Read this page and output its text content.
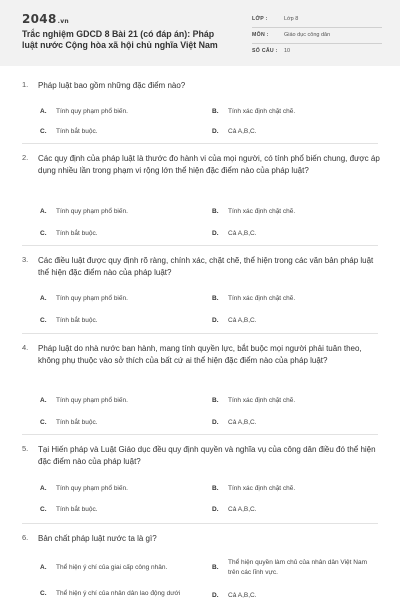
2048.vn
Trắc nghiệm GDCD 8 Bài 21 (có đáp án): Pháp luật nước Cộng hòa xã hội chủ nghĩa Việt Nam
LỚP :	Lớp 8
MÔN :	Giáo dục công dân
SỐ CÂU : 10
1. Pháp luật bao gồm những đặc điểm nào?
A. Tính quy phạm phổ biến.	B. Tính xác định chặt chẽ.
C. Tính bắt buộc.	D. Cả A,B,C.
2. Các quy định của pháp luật là thước đo hành vi của mọi người, có tính phổ biến chung, được áp dụng nhiều lần trong phạm vi rộng lớn thể hiện đặc điểm nào của pháp luật?
A. Tính quy phạm phổ biến.	B. Tính xác định chặt chẽ.
C. Tính bắt buộc.	D. Cả A,B,C.
3. Các điều luật được quy định rõ ràng, chính xác, chặt chẽ, thể hiện trong các văn bản pháp luật thể hiện đặc điểm nào của pháp luật?
A. Tính quy phạm phổ biến.	B. Tính xác định chặt chẽ.
C. Tính bắt buộc.	D. Cả A,B,C.
4. Pháp luật do nhà nước ban hành, mang tính quyền lực, bắt buộc mọi người phải tuân theo, không phụ thuộc vào sở thích của bất cứ ai thể hiện đặc điểm nào của pháp luật?
A. Tính quy phạm phổ biến.	B. Tính xác định chặt chẽ.
C. Tính bắt buộc.	D. Cả A,B,C.
5. Tại Hiến pháp và Luật Giáo dục đều quy định quyền và nghĩa vụ của công dân điều đó thể hiện đặc điểm nào của pháp luật?
A. Tính quy phạm phổ biến.	B. Tính xác định chặt chẽ.
C. Tính bắt buộc.	D. Cả A,B,C.
6. Bản chất pháp luật nước ta là gì?
A. Thể hiện ý chí của giai cấp công nhân.	B.
Thể hiện quyền làm chủ của nhân dân Việt Nam trên các lĩnh vực.
C. Thể hiện ý chí của nhân dân lao động dưới	D. Cả A,B,C.
